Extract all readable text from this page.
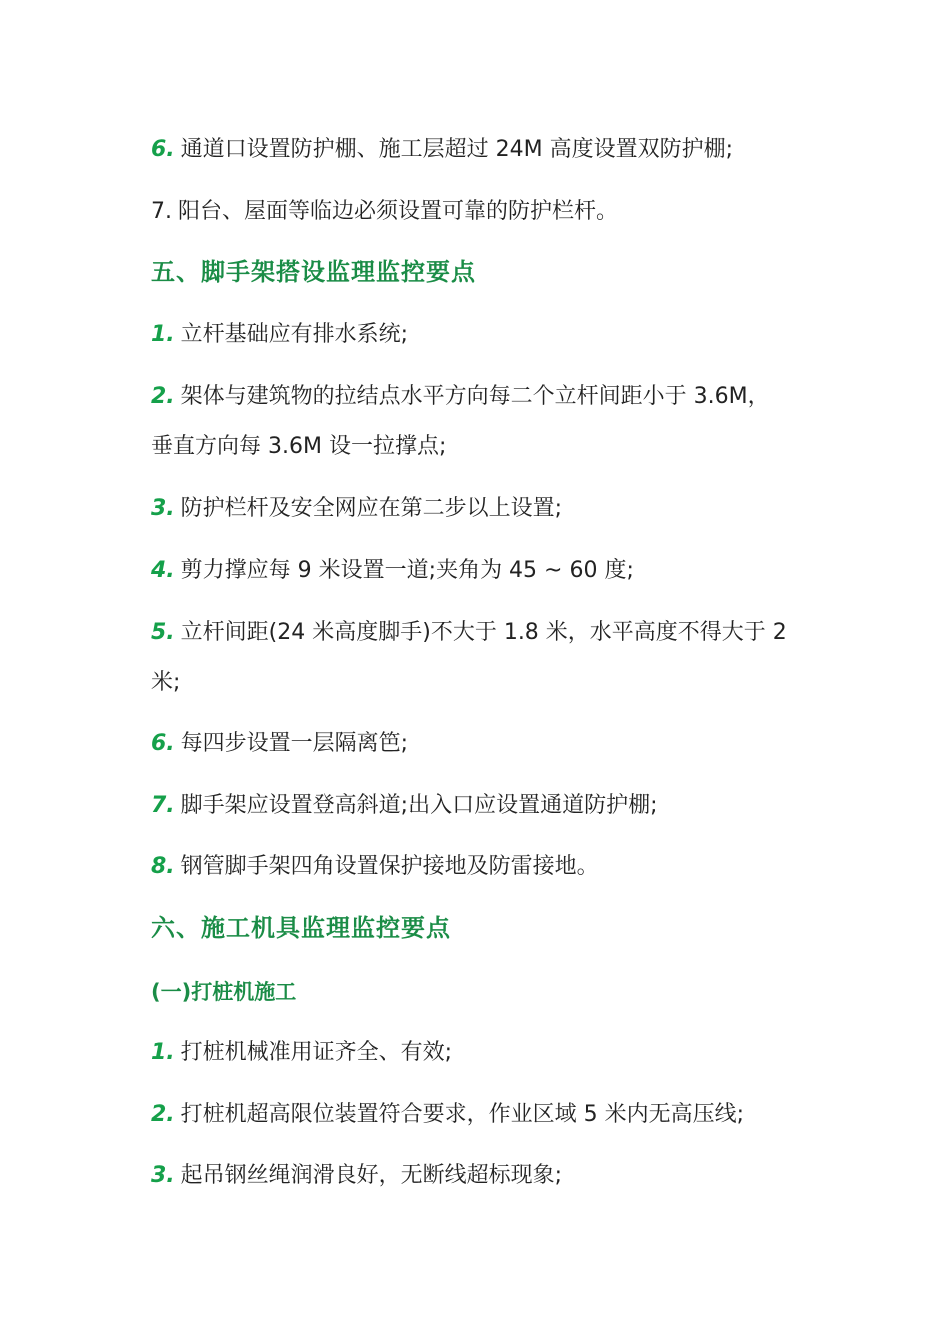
6. 通道口设置防护棚、施工层超过 24M 高度设置双防护棚;
7. 阳台、屋面等临边必须设置可靠的防护栏杆。
五、脚手架搭设监理监控要点
1. 立杆基础应有排水系统;
2. 架体与建筑物的拉结点水平方向每二个立杆间距小于 3.6M，
垂直方向每 3.6M 设一拉撑点;
3. 防护栏杆及安全网应在第二步以上设置;
4. 剪力撑应每 9 米设置一道;夹角为 45 ~ 60 度;
5. 立杆间距(24 米高度脚手)不大于 1.8 米，水平高度不得大于 2
米;
6. 每四步设置一层隔离笆;
7. 脚手架应设置登高斜道;出入口应设置通道防护棚;
8. 钢管脚手架四角设置保护接地及防雷接地。
六、施工机具监理监控要点
(一)打桩机施工
1. 打桩机械准用证齐全、有效;
2. 打桩机超高限位装置符合要求，作业区域 5 米内无高压线;
3. 起吊钢丝绳润滑良好，无断线超标现象;
